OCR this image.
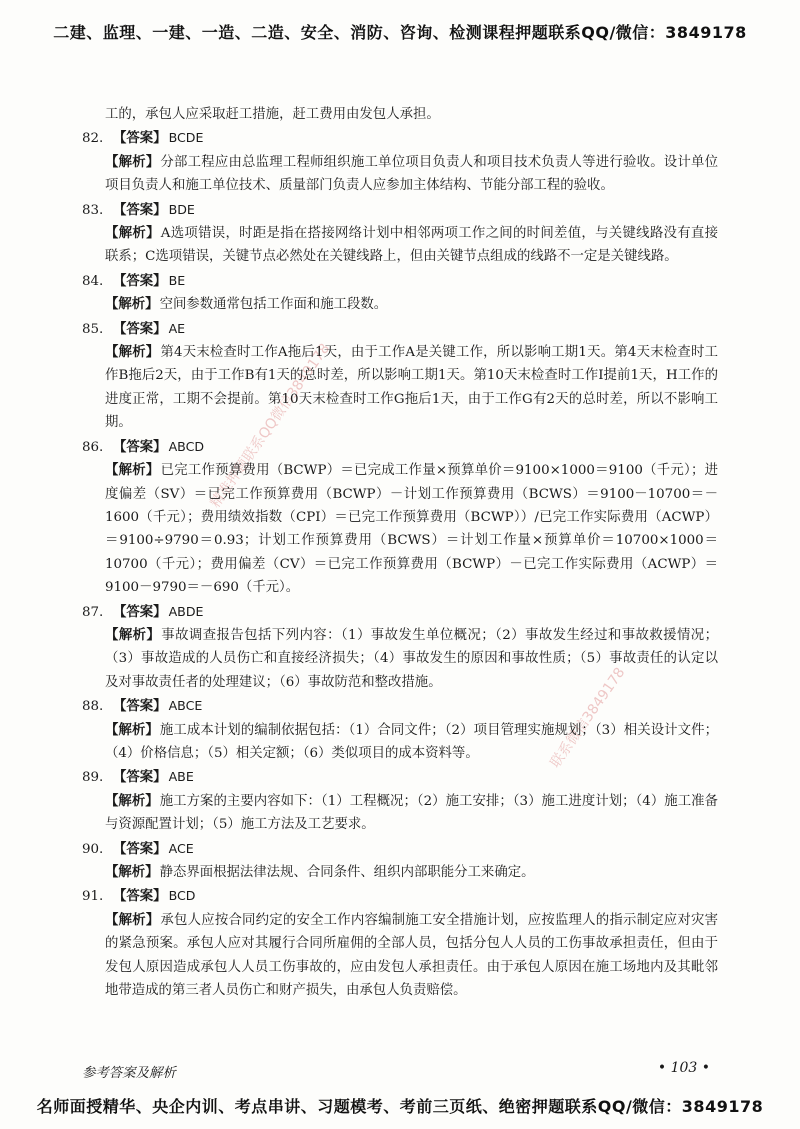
二建、监理、一建、一造、二造、安全、消防、咨询、检测课程押题联系QQ/微信：3849178
精准押题联系QQ微信3849178
联系微信3849178

工的，承包人应采取赶工措施，赶工费用由发包人承担。

82. 【答案】 BCDE

【解析】分部工程应由总监理工程师组织施工单位项目负责人和项目技术负责人等进行验收。设计单位项目负责人和施工单位技术、质量部门负责人应参加主体结构、节能分部工程的验收。

83. 【答案】 BDE

【解析】A选项错误，时距是指在搭接网络计划中相邻两项工作之间的时间差值，与关键线路没有直接联系；C选项错误，关键节点必然处在关键线路上，但由关键节点组成的线路不一定是关键线路。

84. 【答案】 BE

【解析】空间参数通常包括工作面和施工段数。

85. 【答案】 AE

【解析】第4天末检查时工作A拖后1天，由于工作A是关键工作，所以影响工期1天。第4天末检查时工作B拖后2天，由于工作B有1天的总时差，所以影响工期1天。第10天末检查时工作I提前1天，H工作的进度正常，工期不会提前。第10天末检查时工作G拖后1天，由于工作G有2天的总时差，所以不影响工期。

86. 【答案】 ABCD

【解析】已完工作预算费用（BCWP）＝已完成工作量×预算单价＝9100×1000＝9100（千元）；进度偏差（SV）＝已完工作预算费用（BCWP）－计划工作预算费用（BCWS）＝9100－10700＝－1600（千元）；费用绩效指数（CPI）＝已完工作预算费用（BCWP））/已完工作实际费用（ACWP）＝9100÷9790＝0.93；计划工作预算费用（BCWS）＝计划工作量×预算单价＝10700×1000＝10700（千元）；费用偏差（CV）＝已完工作预算费用（BCWP）－已完工作实际费用（ACWP）＝9100－9790＝－690（千元）。

87. 【答案】 ABDE

【解析】事故调查报告包括下列内容：（1）事故发生单位概况；（2）事故发生经过和事故救援情况；（3）事故造成的人员伤亡和直接经济损失；（4）事故发生的原因和事故性质；（5）事故责任的认定以及对事故责任者的处理建议；（6）事故防范和整改措施。

88. 【答案】 ABCE

【解析】施工成本计划的编制依据包括：（1）合同文件；（2）项目管理实施规划；（3）相关设计文件；（4）价格信息；（5）相关定额；（6）类似项目的成本资料等。

89. 【答案】 ABE

【解析】施工方案的主要内容如下：（1）工程概况；（2）施工安排；（3）施工进度计划；（4）施工准备与资源配置计划；（5）施工方法及工艺要求。

90. 【答案】 ACE

【解析】静态界面根据法律法规、合同条件、组织内部职能分工来确定。

91. 【答案】 BCD

【解析】承包人应按合同约定的安全工作内容编制施工安全措施计划，应按监理人的指示制定应对灾害的紧急预案。承包人应对其履行合同所雇佣的全部人员，包括分包人人员的工伤事故承担责任，但由于发包人原因造成承包人人员工伤事故的，应由发包人承担责任。由于承包人原因在施工场地内及其毗邻地带造成的第三者人员伤亡和财产损失，由承包人负责赔偿。

参考答案及解析	• 103 •
名师面授精华、央企内训、考点串讲、习题模考、考前三页纸、绝密押题联系QQ/微信：3849178
